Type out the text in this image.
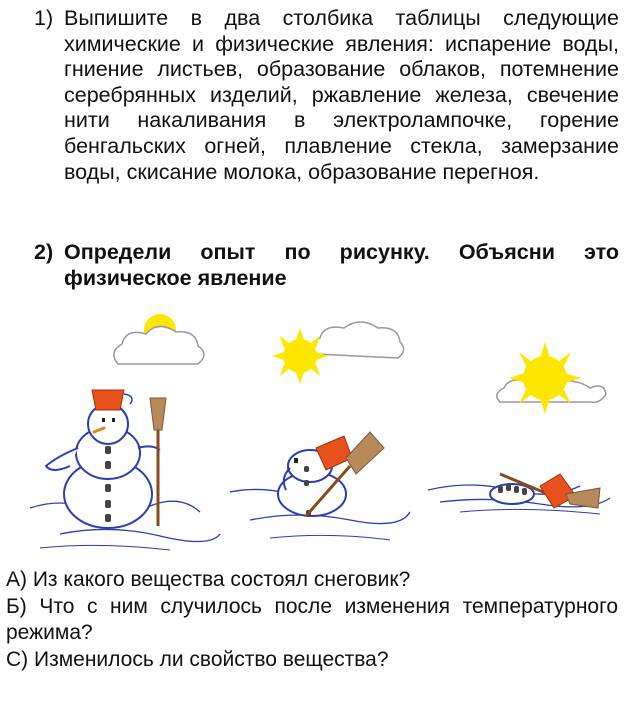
1) Выпишите в два столбика таблицы следующие химические и физические явления: испарение воды, гниение листьев, образование облаков, потемнение серебрянных изделий, ржавление железа, свечение нити накаливания в электролампочке, горение бенгальских огней, плавление стекла, замерзание воды, скисание молока, образование перегноя.
2) Определи опыт по рисунку. Объясни это физическое явление

А) Из какого вещества состоял снеговик?

Б) Что с ним случилось после изменения температурного режима?

С) Изменилось ли свойство вещества?
